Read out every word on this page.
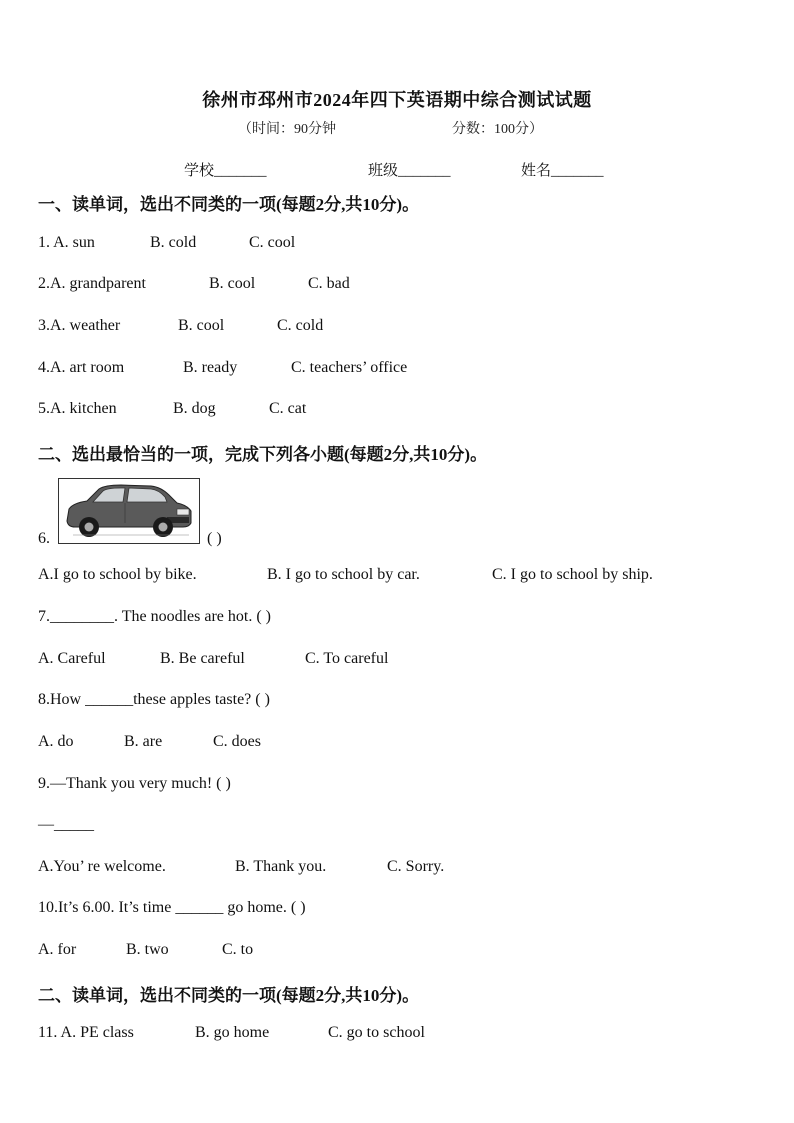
徐州市邳州市2024年四下英语期中综合测试试题
（时间：90分钟	分数：100分）
学校_______	班级_______	姓名_______
一、读单词，选出不同类的一项(每题2分,共10分)。
1. A. sun	B. cold	C. cool
2.A. grandparent	B. cool	C. bad
3.A. weather	B. cool	C. cold
4.A. art room	B. ready	C. teachers’ office
5.A. kitchen	B. dog	C. cat
二、选出最恰当的一项，完成下列各小题(每题2分,共10分)。
6.	( )
A.I go to school by bike.	B. I go to school by car.	C. I go to school by ship.
7.________. The noodles are hot. ( )
A. Careful	B. Be careful	C. To careful
8.How ______these apples taste? ( )
A. do	B. are	C. does
9.—Thank you very much! ( )
—_____
A.You’ re welcome.	B. Thank you.	C. Sorry.
10.It’s 6.00. It’s time ______ go home. ( )
A. for	B. two	C. to
二、读单词，选出不同类的一项(每题2分,共10分)。
11. A. PE class	B. go home	C. go to school
